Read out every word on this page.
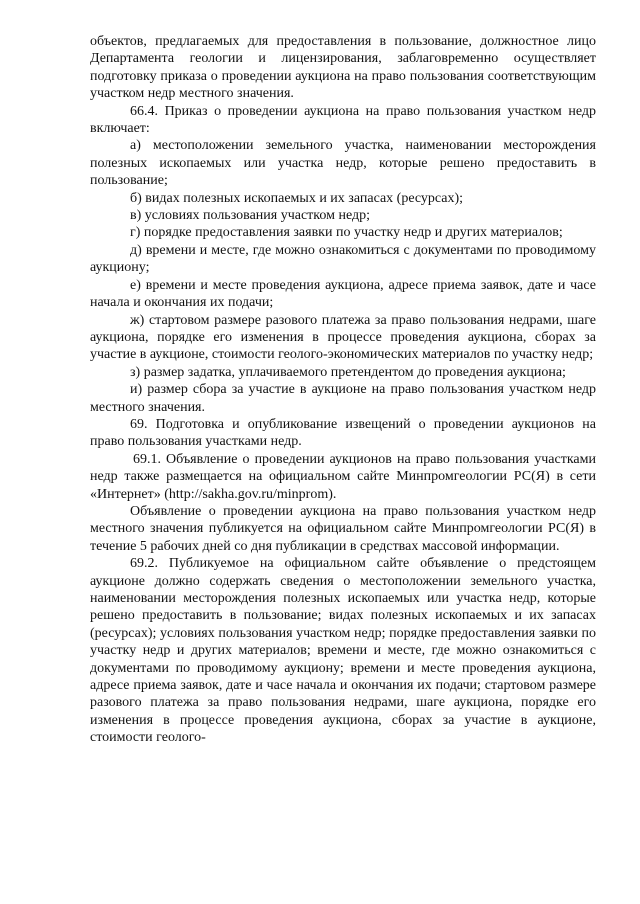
объектов, предлагаемых для предоставления в пользование, должностное лицо Департамента геологии и лицензирования, заблаговременно осуществляет подготовку приказа о проведении аукциона на право пользования соответствующим участком недр местного значения.

66.4. Приказ о проведении аукциона на право пользования участком недр включает:

а) местоположении земельного участка, наименовании месторождения полезных ископаемых или участка недр, которые решено предоставить в пользование;

б) видах полезных ископаемых и их запасах (ресурсах);

в) условиях пользования участком недр;

г) порядке предоставления заявки по участку недр и других материалов;

д) времени и месте, где можно ознакомиться с документами по проводимому аукциону;

е) времени и месте проведения аукциона, адресе приема заявок, дате и часе начала и окончания их подачи;

ж) стартовом размере разового платежа за право пользования недрами, шаге аукциона, порядке его изменения в процессе проведения аукциона, сборах за участие в аукционе, стоимости геолого-экономических материалов по участку недр;

з) размер задатка, уплачиваемого претендентом до проведения аукциона;

и) размер сбора за участие в аукционе на право пользования участком недр местного значения.

69. Подготовка и опубликование извещений о проведении аукционов на право пользования участками недр.

69.1. Объявление о проведении аукционов на право пользования участками недр также размещается на официальном сайте Минпромгеологии РС(Я) в сети «Интернет» (http://sakha.gov.ru/minprom).

Объявление о проведении аукциона на право пользования участком недр местного значения публикуется на официальном сайте Минпромгеологии РС(Я) в течение 5 рабочих дней со дня публикации в средствах массовой информации.

69.2. Публикуемое на официальном сайте объявление о предстоящем аукционе должно содержать сведения о местоположении земельного участка, наименовании месторождения полезных ископаемых или участка недр, которые решено предоставить в пользование; видах полезных ископаемых и их запасах (ресурсах); условиях пользования участком недр; порядке предоставления заявки по участку недр и других материалов; времени и месте, где можно ознакомиться с документами по проводимому аукциону; времени и месте проведения аукциона, адресе приема заявок, дате и часе начала и окончания их подачи; стартовом размере разового платежа за право пользования недрами, шаге аукциона, порядке его изменения в процессе проведения аукциона, сборах за участие в аукционе, стоимости геолого-
